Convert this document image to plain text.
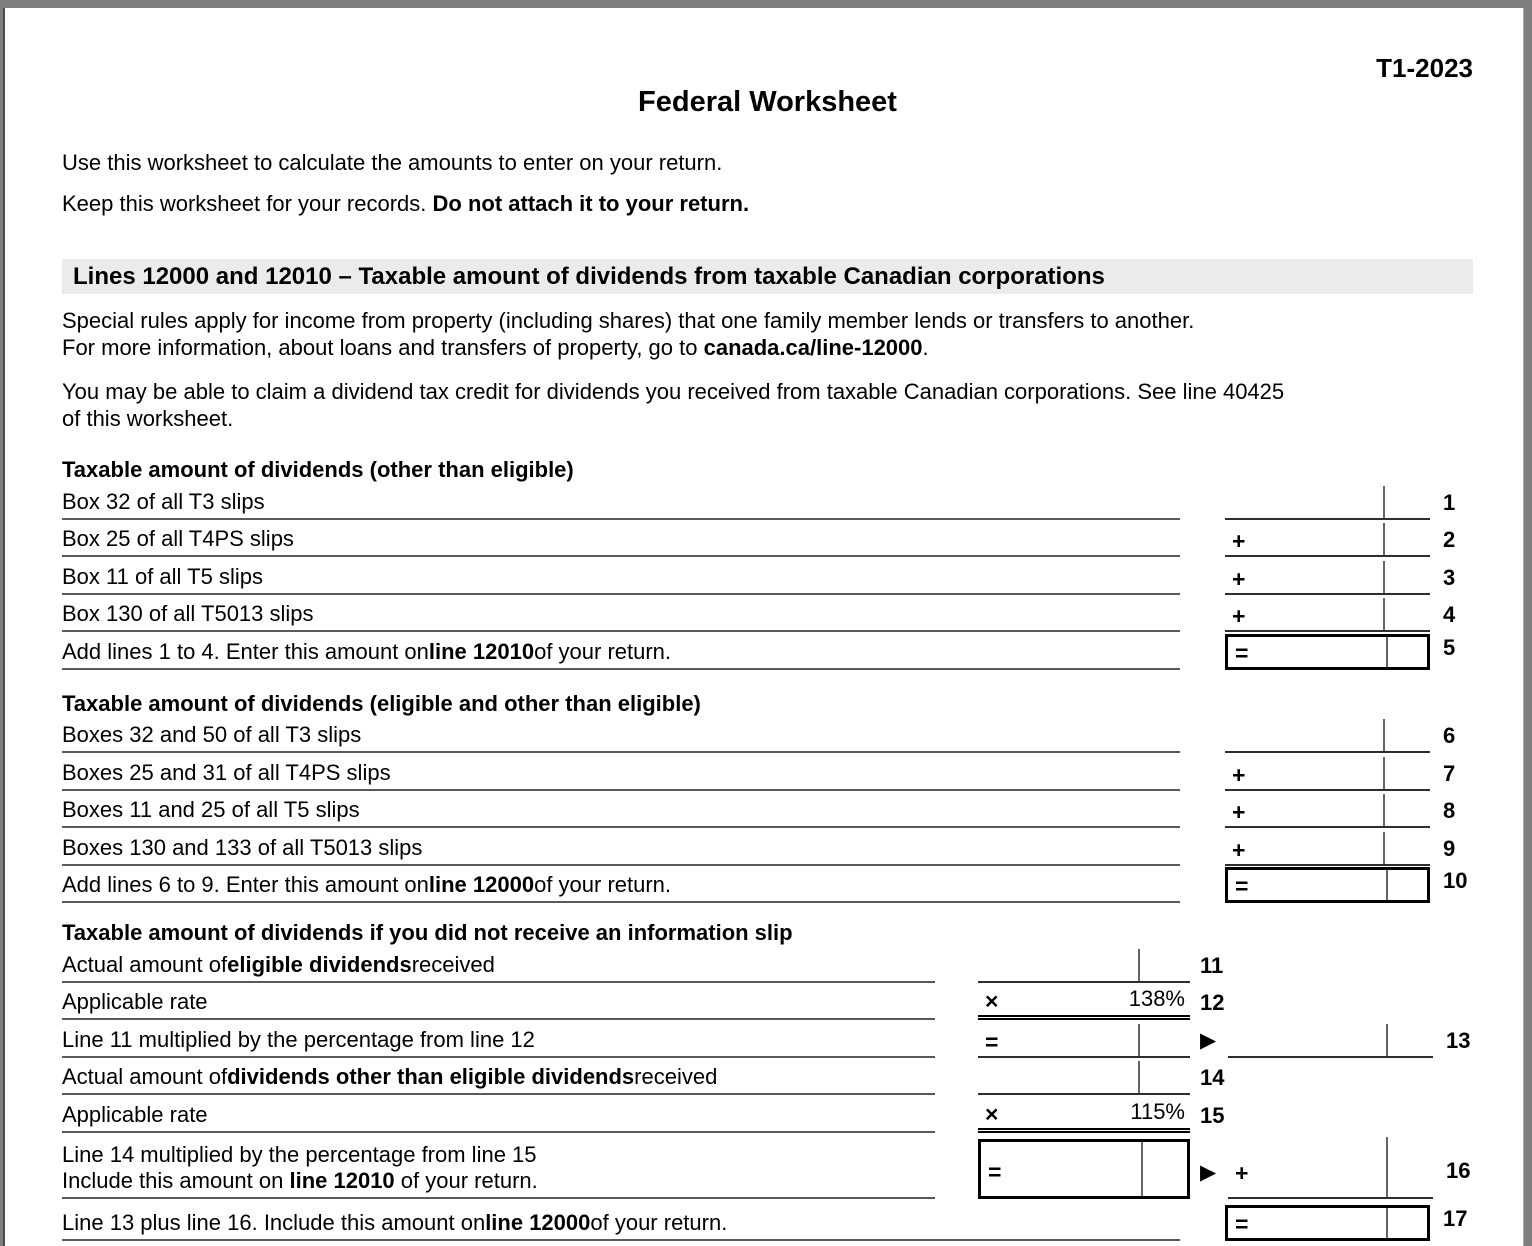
T1-2023
Federal Worksheet
Use this worksheet to calculate the amounts to enter on your return.
Keep this worksheet for your records. Do not attach it to your return.
Lines 12000 and 12010 – Taxable amount of dividends from taxable Canadian corporations
Special rules apply for income from property (including shares) that one family member lends or transfers to another.
For more information, about loans and transfers of property, go to canada.ca/line-12000.
You may be able to claim a dividend tax credit for dividends you received from taxable Canadian corporations. See line 40425
of this worksheet.
Taxable amount of dividends (other than eligible)
Box 32 of all T3 slips	1
Box 25 of all T4PS slips	+	2
Box 11 of all T5 slips	+	3
Box 130 of all T5013 slips	+	4
Add lines 1 to 4. Enter this amount on line 12010 of your return.	=	5
Taxable amount of dividends (eligible and other than eligible)
Boxes 32 and 50 of all T3 slips	6
Boxes 25 and 31 of all T4PS slips	+	7
Boxes 11 and 25 of all T5 slips	+	8
Boxes 130 and 133 of all T5013 slips	+	9
Add lines 6 to 9. Enter this amount on line 12000 of your return.	=	10
Taxable amount of dividends if you did not receive an information slip
Actual amount of eligible dividends received	11
Applicable rate	×	138% 12
Line 11 multiplied by the percentage from line 12	=	▶	13
Actual amount of dividends other than eligible dividends received	14
Applicable rate	×	115% 15
Line 14 multiplied by the percentage from line 15
Include this amount on line 12010 of your return.	=	▶ +	16
Line 13 plus line 16. Include this amount on line 12000 of your return.	=	17
